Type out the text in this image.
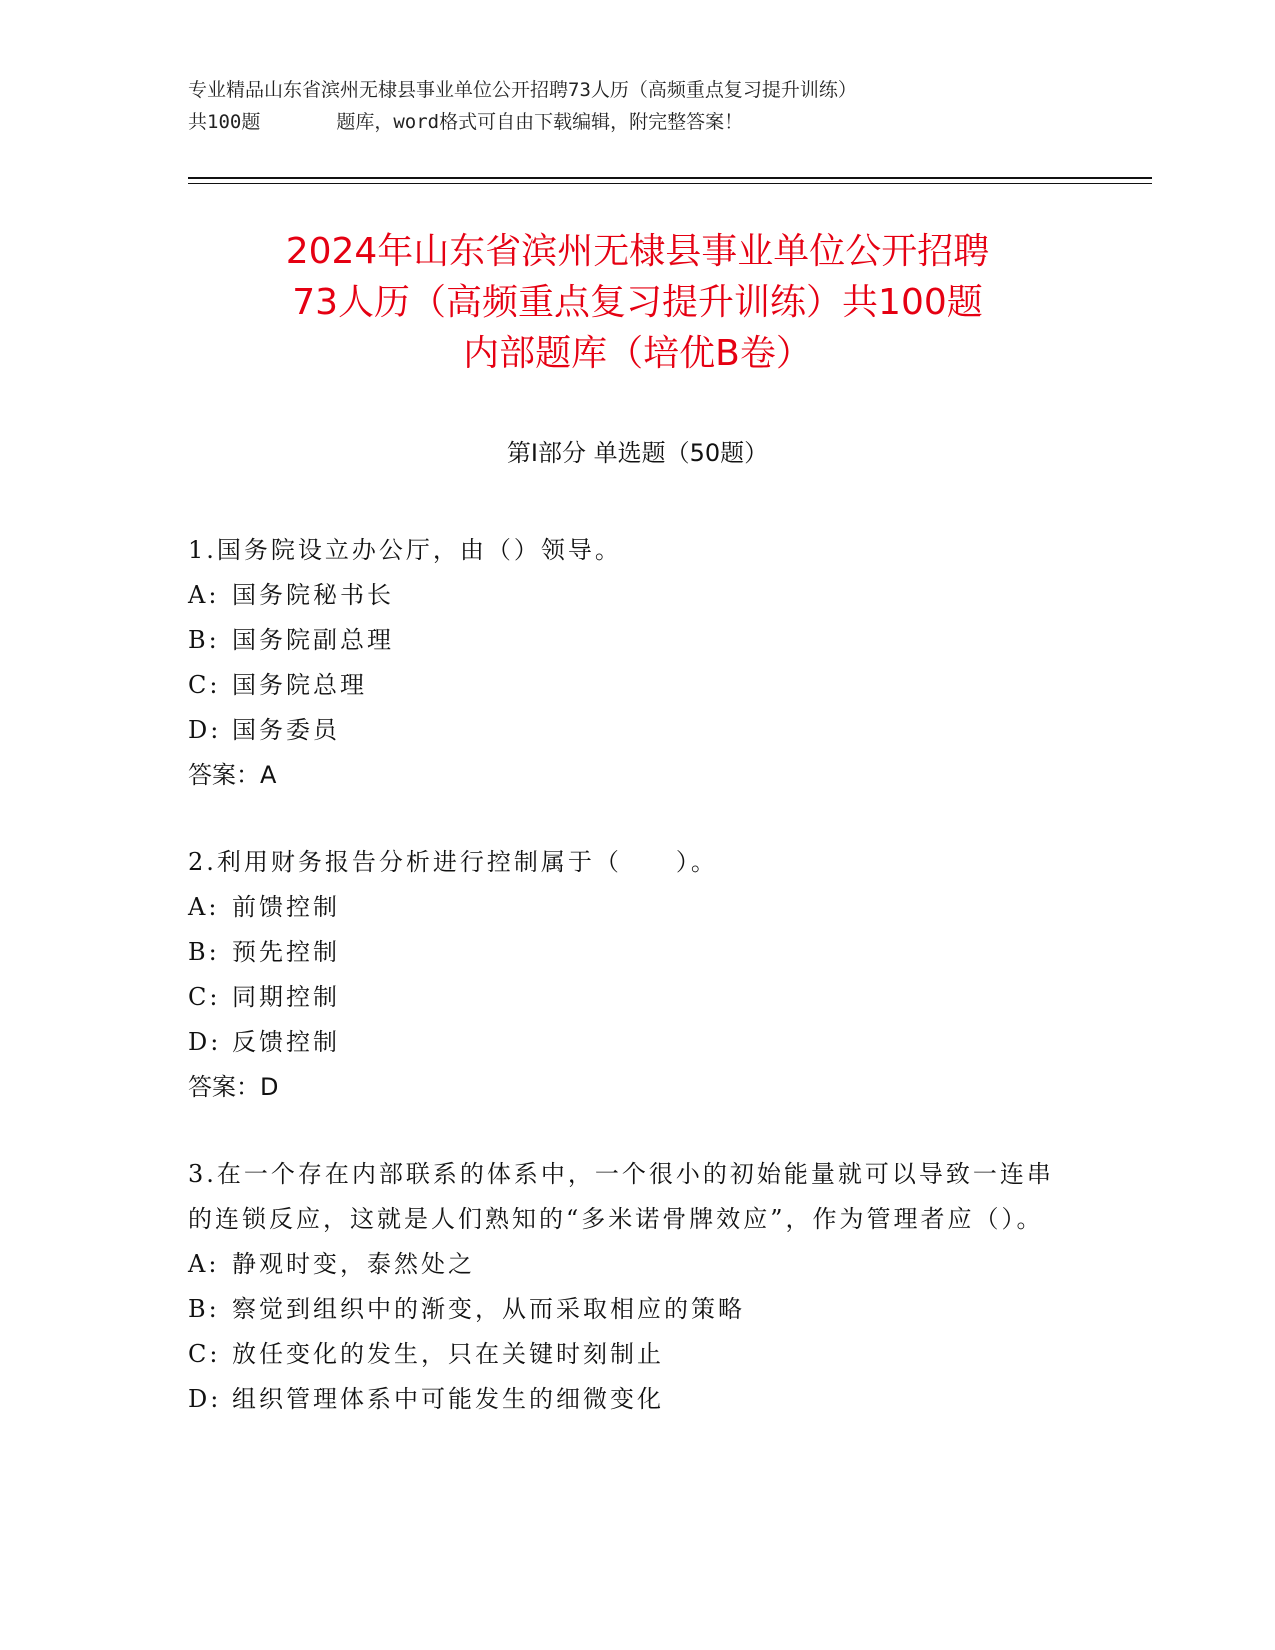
专业精品山东省滨州无棣县事业单位公开招聘73人历（高频重点复习提升训练）
共100题	题库，word格式可自由下载编辑，附完整答案！
2024年山东省滨州无棣县事业单位公开招聘
73人历（高频重点复习提升训练）共100题
内部题库（培优B卷）
第Ⅰ部分 单选题（50题）

1.国务院设立办公厅，由（）领导。

A: 国务院秘书长
B: 国务院副总理
C: 国务院总理
D: 国务委员
答案：A

2.利用财务报告分析进行控制属于（　　）。

A: 前馈控制
B: 预先控制
C: 同期控制
D: 反馈控制
答案：D

3.在一个存在内部联系的体系中，一个很小的初始能量就可以导致一连串的连锁反应，这就是人们熟知的“多米诺骨牌效应”，作为管理者应（）。

A: 静观时变，泰然处之
B: 察觉到组织中的渐变，从而采取相应的策略
C: 放任变化的发生，只在关键时刻制止
D: 组织管理体系中可能发生的细微变化
